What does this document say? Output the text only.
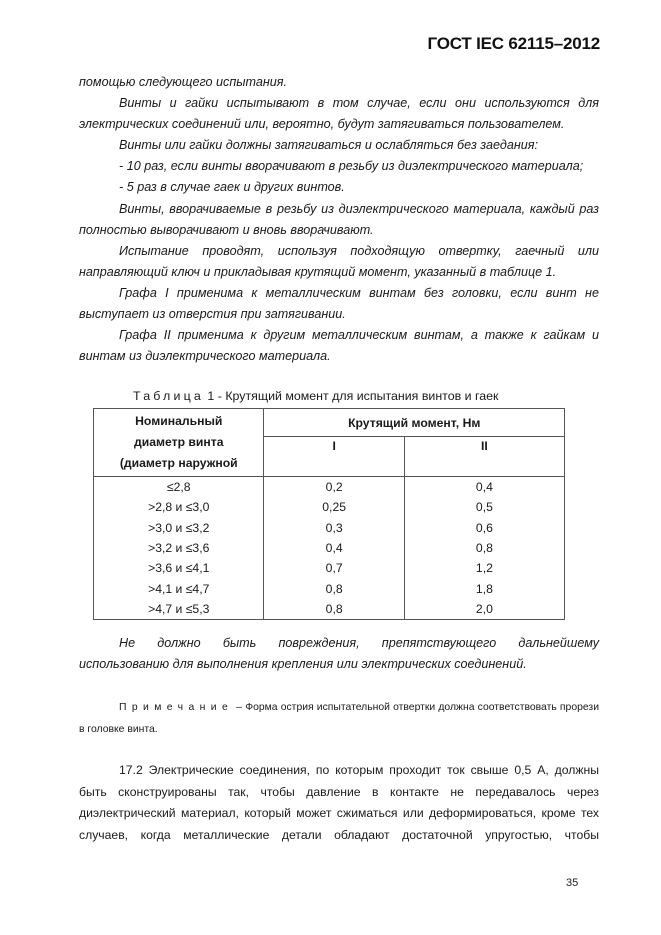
ГОСТ IEC 62115–2012

помощью следующего испытания.

Винты и гайки испытывают в том случае, если они используются для электрических соединений или, вероятно, будут затягиваться пользователем.

Винты или гайки должны затягиваться и ослабляться без заедания:

- 10 раз, если винты вворачивают в резьбу из диэлектрического материала;

- 5 раз в случае гаек и других винтов.

Винты, вворачиваемые в резьбу из диэлектрического материала, каждый раз полностью выворачивают и вновь вворачивают.

Испытание проводят, используя подходящую отвертку, гаечный или направляющий ключ и прикладывая крутящий момент, указанный в таблице 1.

Графа I применима к металлическим винтам без головки, если винт не выступает из отверстия при затягивании.

Графа II применима к другим металлическим винтам, а также к гайкам и винтам из диэлектрического материала.

Таблица 1 - Крутящий момент для испытания винтов и гаек
Номинальный
диаметр винта
(диаметр наружной	Крутящий момент, Нм	
	I	II
≤2,8	0,2	0,4
>2,8 и ≤3,0	0,25	0,5
>3,0 и ≤3,2	0,3	0,6
>3,2 и ≤3,6	0,4	0,8
>3,6 и ≤4,1	0,7	1,2
>4,1 и ≤4,7	0,8	1,8
>4,7 и ≤5,3	0,8	2,0

Не должно быть повреждения, препятствующего дальнейшему использованию для выполнения крепления или электрических соединений.

Примечание – Форма острия испытательной отвертки должна соответствовать прорези в головке винта.

17.2 Электрические соединения, по которым проходит ток свыше 0,5 А, должны быть сконструированы так, чтобы давление в контакте не передавалось через диэлектрический материал, который может сжиматься или деформироваться, кроме тех случаев, когда металлические детали обладают достаточной упругостью, чтобы

35
